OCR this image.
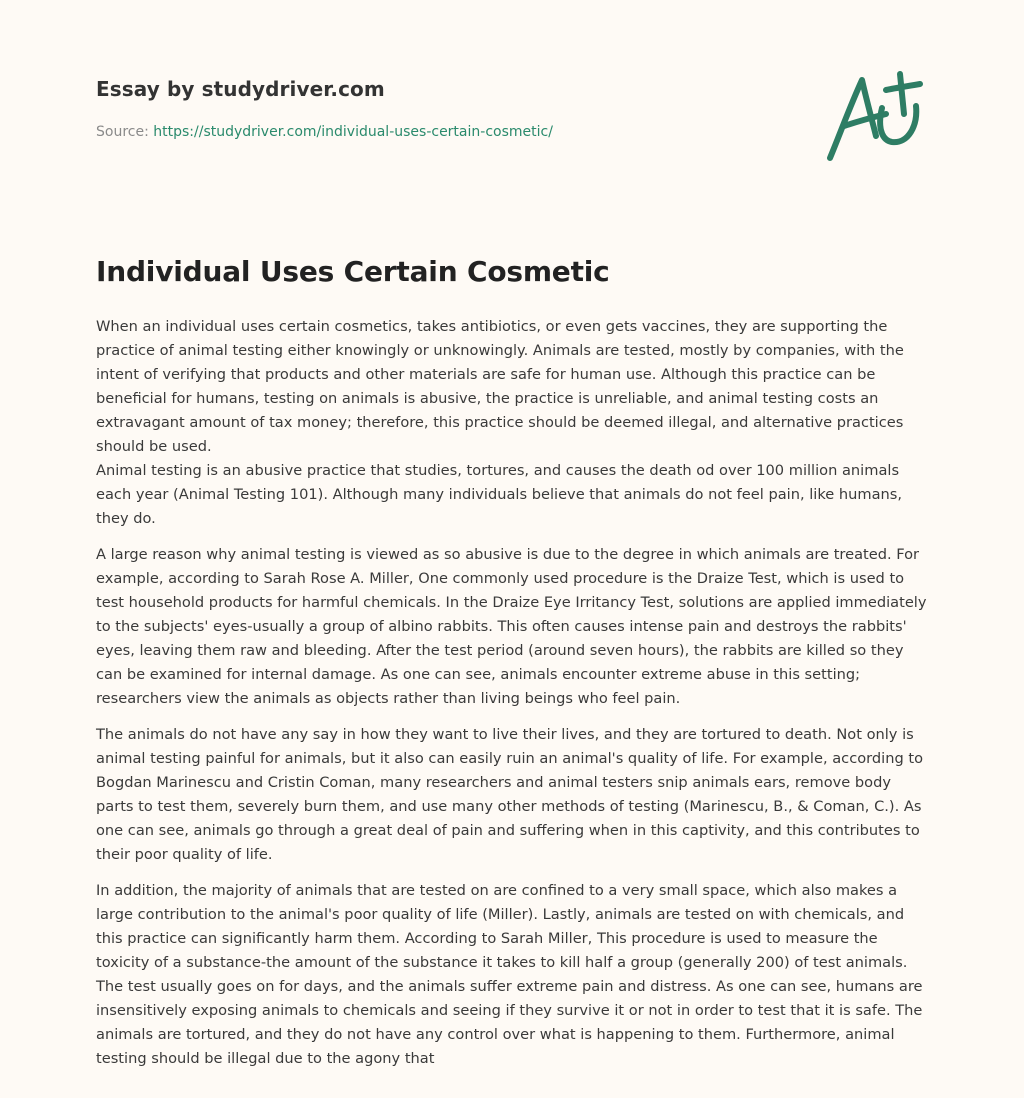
Essay by studydriver.com
Source: https://studydriver.com/individual-uses-certain-cosmetic/
Individual Uses Certain Cosmetic

When an individual uses certain cosmetics, takes antibiotics, or even gets vaccines, they are supporting the practice of animal testing either knowingly or unknowingly. Animals are tested, mostly by companies, with the intent of verifying that products and other materials are safe for human use. Although this practice can be beneficial for humans, testing on animals is abusive, the practice is unreliable, and animal testing costs an extravagant amount of tax money; therefore, this practice should be deemed illegal, and alternative practices should be used.

Animal testing is an abusive practice that studies, tortures, and causes the death od over 100 million animals each year (Animal Testing 101). Although many individuals believe that animals do not feel pain, like humans, they do.

A large reason why animal testing is viewed as so abusive is due to the degree in which animals are treated. For example, according to Sarah Rose A. Miller, One commonly used procedure is the Draize Test, which is used to test household products for harmful chemicals. In the Draize Eye Irritancy Test, solutions are applied immediately to the subjects' eyes-usually a group of albino rabbits. This often causes intense pain and destroys the rabbits' eyes, leaving them raw and bleeding. After the test period (around seven hours), the rabbits are killed so they can be examined for internal damage. As one can see, animals encounter extreme abuse in this setting; researchers view the animals as objects rather than living beings who feel pain.

The animals do not have any say in how they want to live their lives, and they are tortured to death. Not only is animal testing painful for animals, but it also can easily ruin an animal's quality of life. For example, according to Bogdan Marinescu and Cristin Coman, many researchers and animal testers snip animals ears, remove body parts to test them, severely burn them, and use many other methods of testing (Marinescu, B., & Coman, C.). As one can see, animals go through a great deal of pain and suffering when in this captivity, and this contributes to their poor quality of life.

In addition, the majority of animals that are tested on are confined to a very small space, which also makes a large contribution to the animal's poor quality of life (Miller). Lastly, animals are tested on with chemicals, and this practice can significantly harm them. According to Sarah Miller, This procedure is used to measure the toxicity of a substance-the amount of the substance it takes to kill half a group (generally 200) of test animals. The test usually goes on for days, and the animals suffer extreme pain and distress. As one can see, humans are insensitively exposing animals to chemicals and seeing if they survive it or not in order to test that it is safe. The animals are tortured, and they do not have any control over what is happening to them. Furthermore, animal testing should be illegal due to the agony that
